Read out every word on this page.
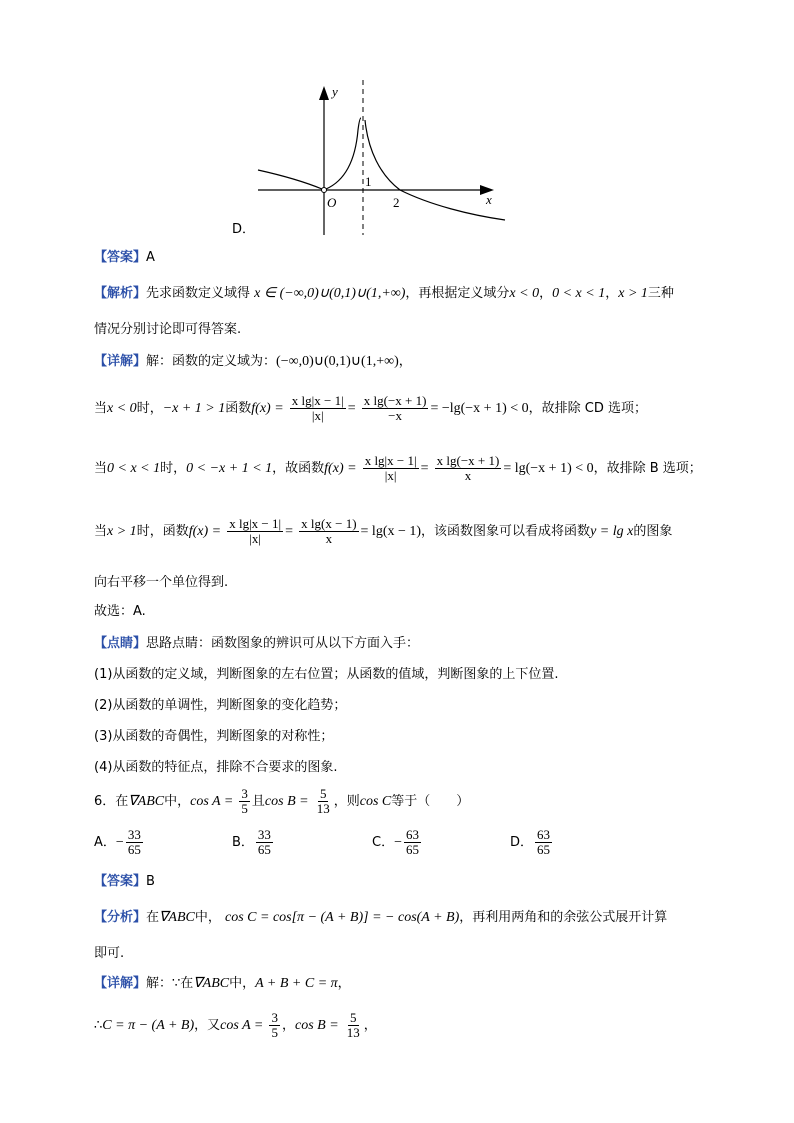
D．
y
x
O
1
2
【答案】A
【解析】先求函数定义域得 x ∈ (−∞,0)∪(0,1)∪(1,+∞)，再根据定义域分x < 0，0 < x < 1，x > 1三种
情况分别讨论即可得答案.
【详解】解：函数的定义域为：(−∞,0)∪(0,1)∪(1,+∞)，
当x < 0时，−x + 1 > 1函数$f(x) = \frac{\text{x lg|x − 1|}}{|x|} = \frac{\text{x lg(−x + 1)}}{-x} = -\lg(-x + 1) < 0$，故排除 CD 选项；
当0 < x < 1时，0 < −x + 1 < 1，故函数$f(x) = \frac{\text{x lg|x − 1|}}{|x|} = \frac{\text{x lg(−x + 1)}}{x} = \lg(-x + 1) < 0$，故排除 B 选项；
当x > 1时，函数$f(x) = \frac{\text{x lg|x − 1|}}{|x|} = \frac{\text{x lg(x − 1)}}{x} = \lg(x - 1)$，该函数图象可以看成将函数y = lg x的图象
向右平移一个单位得到.
故选：A.
【点睛】思路点睛：函数图象的辨识可从以下方面入手：
(1)从函数的定义域，判断图象的左右位置；从函数的值域，判断图象的上下位置.
(2)从函数的单调性，判断图象的变化趋势；
(3)从函数的奇偶性，判断图象的对称性；
(4)从函数的特征点，排除不合要求的图象.
6．在∇ABC中，$\cos A = \frac{3}{5}$ 且$\cos B = \frac{5}{13}$ ，则cos C等于（　　）
A．− $\frac{33}{65}$	B． $\frac{33}{65}$	C．− $\frac{63}{65}$	D． $\frac{63}{65}$
【答案】B
【分析】在∇ABC中， cos C = cos[π − (A + B)] = − cos(A + B)，再利用两角和的余弦公式展开计算
即可.
【详解】解：∵在∇ABC中，A + B + C = π，
∴C = π − (A + B)，又$\cos A = \frac{3}{5}$ ，$\cos B = \frac{5}{13}$ ，
